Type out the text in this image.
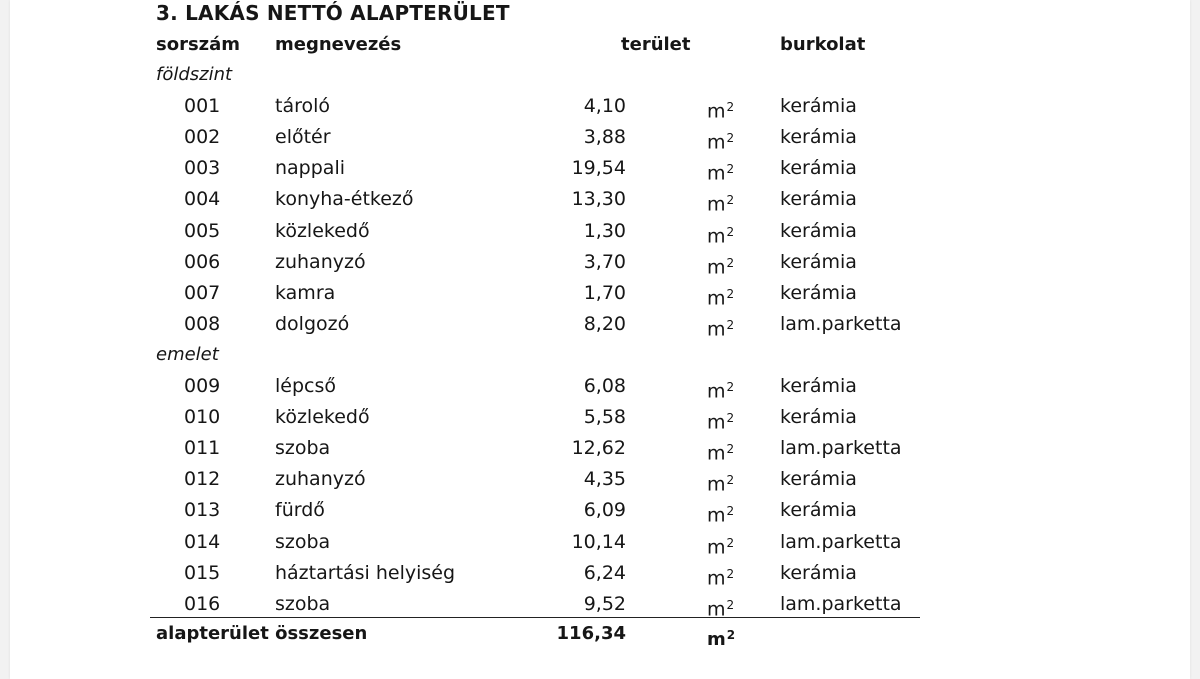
3. LAKÁS NETTÓ ALAPTERÜLET
sorszám megnevezés	terület	burkolat
földszint
001	tároló	4,10	$m^2$ kerámia
002	előtér	3,88	$m^2$ kerámia
003	nappali	19,54	$m^2$ kerámia
004	konyha-étkező	13,30	$m^2$ kerámia
005	közlekedő	1,30	$m^2$ kerámia
006	zuhanyzó	3,70	$m^2$ kerámia
007	kamra	1,70	$m^2$ kerámia
008	dolgozó	8,20	$m^2$ lam.parketta
emelet
009	lépcső	6,08	$m^2$ kerámia
010	közlekedő	5,58	$m^2$ kerámia
011	szoba	12,62	$m^2$ lam.parketta
012	zuhanyzó	4,35	$m^2$ kerámia
013	fürdő	6,09	$m^2$ kerámia
014	szoba	10,14	$m^2$ lam.parketta
015	háztartási helyiség	6,24	$m^2$ kerámia
016	szoba	9,52	$m^2$ lam.parketta
alapterület összesen	116,34	$m^2$
